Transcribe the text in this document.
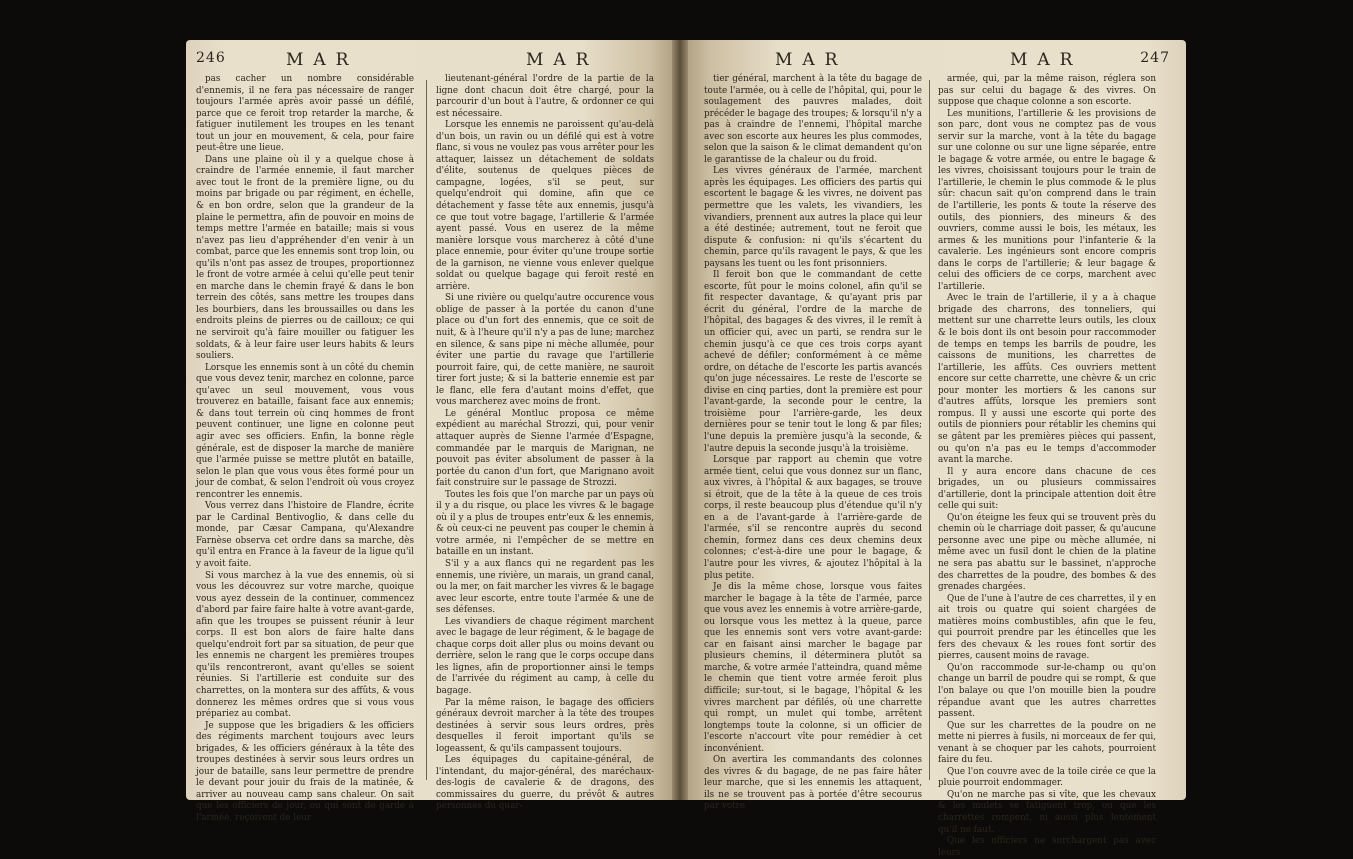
246	MAR	MAR

pas cacher un nombre considérable d'ennemis, il ne fera pas nécessaire de ranger toujours l'armée après avoir passé un défilé, parce que ce feroit trop retarder la marche, & fatiguer inutilement les troupes en les tenant tout un jour en mouvement, & cela, pour faire peut-être une lieue.

Dans une plaine où il y a quelque chose à craindre de l'armée ennemie, il faut marcher avec tout le front de la première ligne, ou du moins par brigade ou par régiment, en échelle, & en bon ordre, selon que la grandeur de la plaine le permettra, afin de pouvoir en moins de temps mettre l'armée en bataille; mais si vous n'avez pas lieu d'appréhender d'en venir à un combat, parce que les ennemis sont trop loin, ou qu'ils n'ont pas assez de troupes, proportionnez le front de votre armée à celui qu'elle peut tenir en marche dans le chemin frayé & dans le bon terrein des côtés, sans mettre les troupes dans les bourbiers, dans les broussailles ou dans les endroits pleins de pierres ou de cailloux; ce qui ne serviroit qu'à faire mouiller ou fatiguer les soldats, & à leur faire user leurs habits & leurs souliers.

Lorsque les ennemis sont à un côté du chemin que vous devez tenir, marchez en colonne, parce qu'avec un seul mouvement, vous vous trouverez en bataille, faisant face aux ennemis; & dans tout terrein où cinq hommes de front peuvent continuer, une ligne en colonne peut agir avec ses officiers. Enfin, la bonne règle générale, est de disposer la marche de manière que l'armée puisse se mettre plutôt en bataille, selon le plan que vous vous êtes formé pour un jour de combat, & selon l'endroit où vous croyez rencontrer les ennemis.

Vous verrez dans l'histoire de Flandre, écrite par le Cardinal Bentivoglio, & dans celle du monde, par Cæsar Campana, qu'Alexandre Farnèse observa cet ordre dans sa marche, dès qu'il entra en France à la faveur de la ligue qu'il y avoit faite.

Si vous marchez à la vue des ennemis, où si vous les découvrez sur votre marche, quoique vous ayez dessein de la continuer, commencez d'abord par faire faire halte à votre avant-garde, afin que les troupes se puissent réunir à leur corps. Il est bon alors de faire halte dans quelqu'endroit fort par sa situation, de peur que les ennemis ne chargent les premières troupes qu'ils rencontreront, avant qu'elles se soient réunies. Si l'artillerie est conduite sur des charrettes, on la montera sur des affûts, & vous donnerez les mêmes ordres que si vous vous prépariez au combat.

Je suppose que les brigadiers & les officiers des régiments marchent toujours avec leurs brigades, & les officiers généraux à la tête des troupes destinées à servir sous leurs ordres un jour de bataille, sans leur permettre de prendre le devant pour jouir du frais de la matinée, & arriver au nouveau camp sans chaleur. On sait que les officiers de jour, ou qui sont de garde à l'armée, reçoivent de leur

lieutenant-général l'ordre de la partie de la ligne dont chacun doit être chargé, pour la parcourir d'un bout à l'autre, & ordonner ce qui est nécessaire.

Lorsque les ennemis ne paroissent qu'au-delà d'un bois, un ravin ou un défilé qui est à votre flanc, si vous ne voulez pas vous arrêter pour les attaquer, laissez un détachement de soldats d'élite, soutenus de quelques pièces de campagne, logées, s'il se peut, sur quelqu'endroit qui domine, afin que ce détachement y fasse tête aux ennemis, jusqu'à ce que tout votre bagage, l'artillerie & l'armée ayent passé. Vous en userez de la même manière lorsque vous marcherez à côté d'une place ennemie, pour éviter qu'une troupe sortie de la garnison, ne vienne vous enlever quelque soldat ou quelque bagage qui feroit resté en arrière.

Si une rivière ou quelqu'autre occurence vous oblige de passer à la portée du canon d'une place ou d'un fort des ennemis, que ce soit de nuit, & à l'heure qu'il n'y a pas de lune; marchez en silence, & sans pipe ni mèche allumée, pour éviter une partie du ravage que l'artillerie pourroit faire, qui, de cette manière, ne sauroit tirer fort juste; & si la batterie ennemie est par le flanc, elle fera d'autant moins d'effet, que vous marcherez avec moins de front.

Le général Montluc proposa ce même expédient au maréchal Strozzi, qui, pour venir attaquer auprès de Sienne l'armée d'Espagne, commandée par le marquis de Marignan, ne pouvoit pas éviter absolument de passer à la portée du canon d'un fort, que Marignano avoit fait construire sur le passage de Strozzi.

Toutes les fois que l'on marche par un pays où il y a du risque, ou place les vivres & le bagage où il y a plus de troupes entr'eux & les ennemis, & où ceux-ci ne peuvent pas couper le chemin à votre armée, ni l'empêcher de se mettre en bataille en un instant.

S'il y a aux flancs qui ne regardent pas les ennemis, une rivière, un marais, un grand canal, ou la mer, on fait marcher les vivres & le bagage avec leur escorte, entre toute l'armée & une de ses défenses.

Les vivandiers de chaque régiment marchent avec le bagage de leur régiment, & le bagage de chaque corps doit aller plus ou moins devant ou derrière, selon le rang que le corps occupe dans les lignes, afin de proportionner ainsi le temps de l'arrivée du régiment au camp, à celle du bagage.

Par la même raison, le bagage des officiers généraux devroit marcher à la tête des troupes destinées à servir sous leurs ordres, près desquelles il feroit important qu'ils se logeassent, & qu'ils campassent toujours.

Les équipages du capitaine-général, de l'intendant, du major-général, des maréchaux-des-logis de cavalerie & de dragons, des commissaires du guerre, du prévôt & autres personnes du quar-

MAR	MAR	247

tier général, marchent à la tête du bagage de toute l'armée, ou à celle de l'hôpital, qui, pour le soulagement des pauvres malades, doit précéder le bagage des troupes; & lorsqu'il n'y a pas à craindre de l'ennemi, l'hôpital marche avec son escorte aux heures les plus commodes, selon que la saison & le climat demandent qu'on le garantisse de la chaleur ou du froid.

Les vivres généraux de l'armée, marchent après les équipages. Les officiers des partis qui escortent le bagage & les vivres, ne doivent pas permettre que les valets, les vivandiers, les vivandiers, prennent aux autres la place qui leur a été destinée; autrement, tout ne feroit que dispute & confusion: ni qu'ils s'écartent du chemin, parce qu'ils ravagent le pays, & que les paysans les tuent ou les font prisonniers.

Il feroit bon que le commandant de cette escorte, fût pour le moins colonel, afin qu'il se fit respecter davantage, & qu'ayant pris par écrit du général, l'ordre de la marche de l'hôpital, des bagages & des vivres, il le remît à un officier qui, avec un parti, se rendra sur le chemin jusqu'à ce que ces trois corps ayant achevé de défiler; conformément à ce même ordre, on détache de l'escorte les partis avancés qu'on juge nécessaires. Le reste de l'escorte se divise en cinq parties, dont la première est pour l'avant-garde, la seconde pour le centre, la troisième pour l'arrière-garde, les deux dernières pour se tenir tout le long & par files; l'une depuis la première jusqu'à la seconde, & l'autre depuis la seconde jusqu'à la troisième.

Lorsque par rapport au chemin que votre armée tient, celui que vous donnez sur un flanc, aux vivres, à l'hôpital & aux bagages, se trouve si étroit, que de la tête à la queue de ces trois corps, il reste beaucoup plus d'étendue qu'il n'y en a de l'avant-garde à l'arrière-garde de l'armée, s'il se rencontre auprès du second chemin, formez dans ces deux chemins deux colonnes; c'est-à-dire une pour le bagage, & l'autre pour les vivres, & ajoutez l'hôpital à la plus petite.

Je dis la même chose, lorsque vous faites marcher le bagage à la tête de l'armée, parce que vous avez les ennemis à votre arrière-garde, ou lorsque vous les mettez à la queue, parce que les ennemis sont vers votre avant-garde: car en faisant ainsi marcher le bagage par plusieurs chemins, il déterminera plutôt sa marche, & votre armée l'atteindra, quand même le chemin que tient votre armée feroit plus difficile; sur-tout, si le bagage, l'hôpital & les vivres marchent par défilés, où une charrette qui rompt, un mulet qui tombe, arrêtent longtemps toute la colonne, si un officier de l'escorte n'accourt vîte pour remédier à cet inconvénient.

On avertira les commandants des colonnes des vivres & du bagage, de ne pas faire hâter leur marche, que si les ennemis les attaquent, ils ne se trouvent pas à portée d'être secourus par votre

armée, qui, par la même raison, réglera son pas sur celui du bagage & des vivres. On suppose que chaque colonne a son escorte.

Les munitions, l'artillerie & les provisions de son parc, dont vous ne comptez pas de vous servir sur la marche, vont à la tête du bagage sur une colonne ou sur une ligne séparée, entre le bagage & votre armée, ou entre le bagage & les vivres, choisissant toujours pour le train de l'artillerie, le chemin le plus commode & le plus sûr: chacun sait qu'on comprend dans le train de l'artillerie, les ponts & toute la réserve des outils, des pionniers, des mineurs & des ouvriers, comme aussi le bois, les métaux, les armes & les munitions pour l'infanterie & la cavalerie. Les ingénieurs sont encore compris dans le corps de l'artillerie; & leur bagage & celui des officiers de ce corps, marchent avec l'artillerie.

Avec le train de l'artillerie, il y a à chaque brigade des charrons, des tonneliers, qui mettent sur une charrette leurs outils, les cloux & le bois dont ils ont besoin pour raccommoder de temps en temps les barrils de poudre, les caissons de munitions, les charrettes de l'artillerie, les affûts. Ces ouvriers mettent encore sur cette charrette, une chèvre & un cric pour monter les mortiers & les canons sur d'autres affûts, lorsque les premiers sont rompus. Il y aussi une escorte qui porte des outils de pionniers pour rétablir les chemins qui se gâtent par les premières pièces qui passent, ou qu'on n'a pas eu le temps d'accommoder avant la marche.

Il y aura encore dans chacune de ces brigades, un ou plusieurs commissaires d'artillerie, dont la principale attention doit être celle qui suit:

Qu'on éteigne les feux qui se trouvent près du chemin où le charriage doit passer, & qu'aucune personne avec une pipe ou mèche allumée, ni même avec un fusil dont le chien de la platine ne sera pas abattu sur le bassinet, n'approche des charrettes de la poudre, des bombes & des grenades chargées.

Que de l'une à l'autre de ces charrettes, il y en ait trois ou quatre qui soient chargées de matières moins combustibles, afin que le feu, qui pourroit prendre par les étincelles que les fers des chevaux & les roues font sortir des pierres, causent moins de ravage.

Qu'on raccommode sur-le-champ ou qu'on change un barril de poudre qui se rompt, & que l'on balaye ou que l'on mouille bien la poudre répandue avant que les autres charrettes passent.

Que sur les charrettes de la poudre on ne mette ni pierres à fusils, ni morceaux de fer qui, venant à se choquer par les cahots, pourroient faire du feu.

Que l'on couvre avec de la toile cirée ce que la pluie pourroit endommager.

Qu'on ne marche pas si vîte, que les chevaux & les mulets se fatiguent trop, ou que les charrettes rompent, ni aussi plus lentement qu'il ne faut.

Que les officiers ne surchargent pas avec leurs
